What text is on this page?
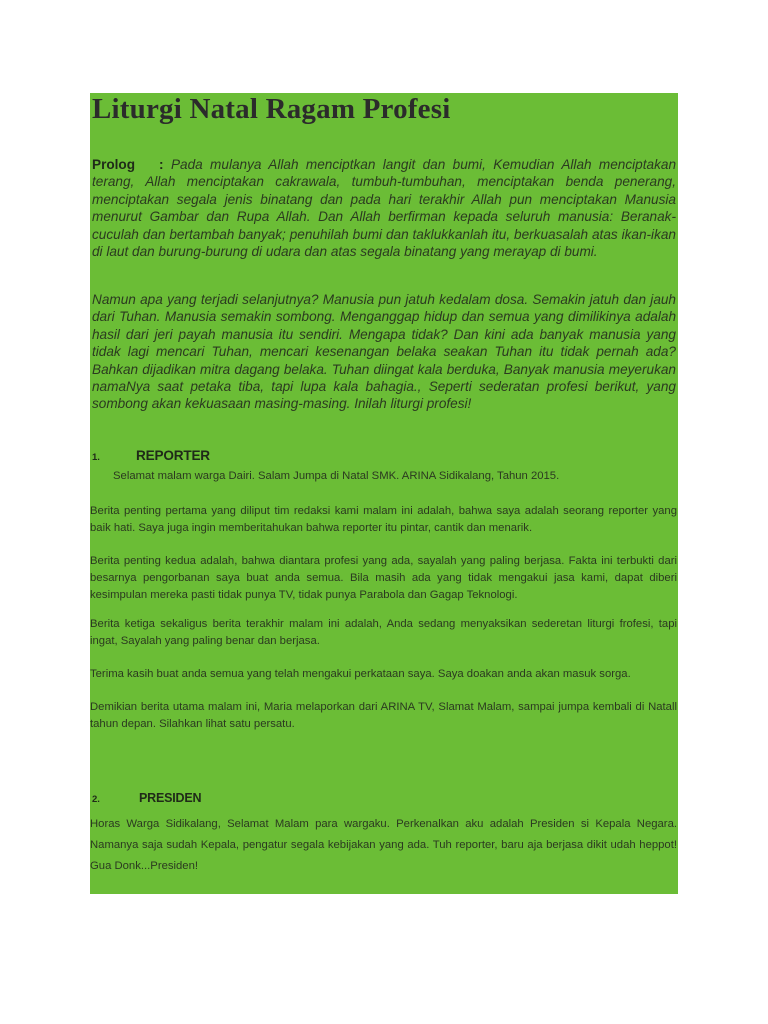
Liturgi Natal Ragam Profesi

Prolog : Pada mulanya Allah menciptkan langit dan bumi, Kemudian Allah menciptakan terang, Allah menciptakan cakrawala, tumbuh-tumbuhan, menciptakan benda penerang, menciptakan segala jenis binatang dan pada hari terakhir Allah pun menciptakan Manusia menurut Gambar dan Rupa Allah. Dan Allah berfirman kepada seluruh manusia: Beranak-cuculah dan bertambah banyak; penuhilah bumi dan taklukkanlah itu, berkuasalah atas ikan-ikan di laut dan burung-burung di udara dan atas segala binatang yang merayap di bumi.

Namun apa yang terjadi selanjutnya? Manusia pun jatuh kedalam dosa. Semakin jatuh dan jauh dari Tuhan. Manusia semakin sombong. Menganggap hidup dan semua yang dimilikinya adalah hasil dari jeri payah manusia itu sendiri. Mengapa tidak? Dan kini ada banyak manusia yang tidak lagi mencari Tuhan, mencari kesenangan belaka seakan Tuhan itu tidak pernah ada? Bahkan dijadikan mitra dagang belaka. Tuhan diingat kala berduka, Banyak manusia meyerukan namaNya saat petaka tiba, tapi lupa kala bahagia., Seperti sederatan profesi berikut, yang sombong akan kekuasaan masing-masing. Inilah liturgi profesi!

1.	REPORTER

Selamat malam warga Dairi. Salam Jumpa di Natal SMK. ARINA Sidikalang, Tahun 2015.

Berita penting pertama yang diliput tim redaksi kami malam ini adalah, bahwa saya adalah seorang reporter yang baik hati. Saya juga ingin memberitahukan bahwa reporter itu pintar, cantik dan menarik.

Berita penting kedua adalah, bahwa diantara profesi yang ada, sayalah yang paling berjasa. Fakta ini terbukti dari besarnya pengorbanan saya buat anda semua. Bila masih ada yang tidak mengakui jasa kami, dapat diberi kesimpulan mereka pasti tidak punya TV, tidak punya Parabola dan Gagap Teknologi.

Berita ketiga sekaligus berita terakhir malam ini adalah, Anda sedang menyaksikan sederetan liturgi frofesi, tapi ingat, Sayalah yang paling benar dan berjasa.

Terima kasih buat anda semua yang telah mengakui perkataan saya. Saya doakan anda akan masuk sorga.

Demikian berita utama malam ini, Maria melaporkan dari ARINA TV, Slamat Malam, sampai jumpa kembali di Natall tahun depan. Silahkan lihat satu persatu.

2.	PRESIDEN

Horas Warga Sidikalang, Selamat Malam para wargaku. Perkenalkan aku adalah Presiden si Kepala Negara. Namanya saja sudah Kepala, pengatur segala kebijakan yang ada. Tuh reporter, baru aja berjasa dikit udah heppot! Gua Donk...Presiden!
